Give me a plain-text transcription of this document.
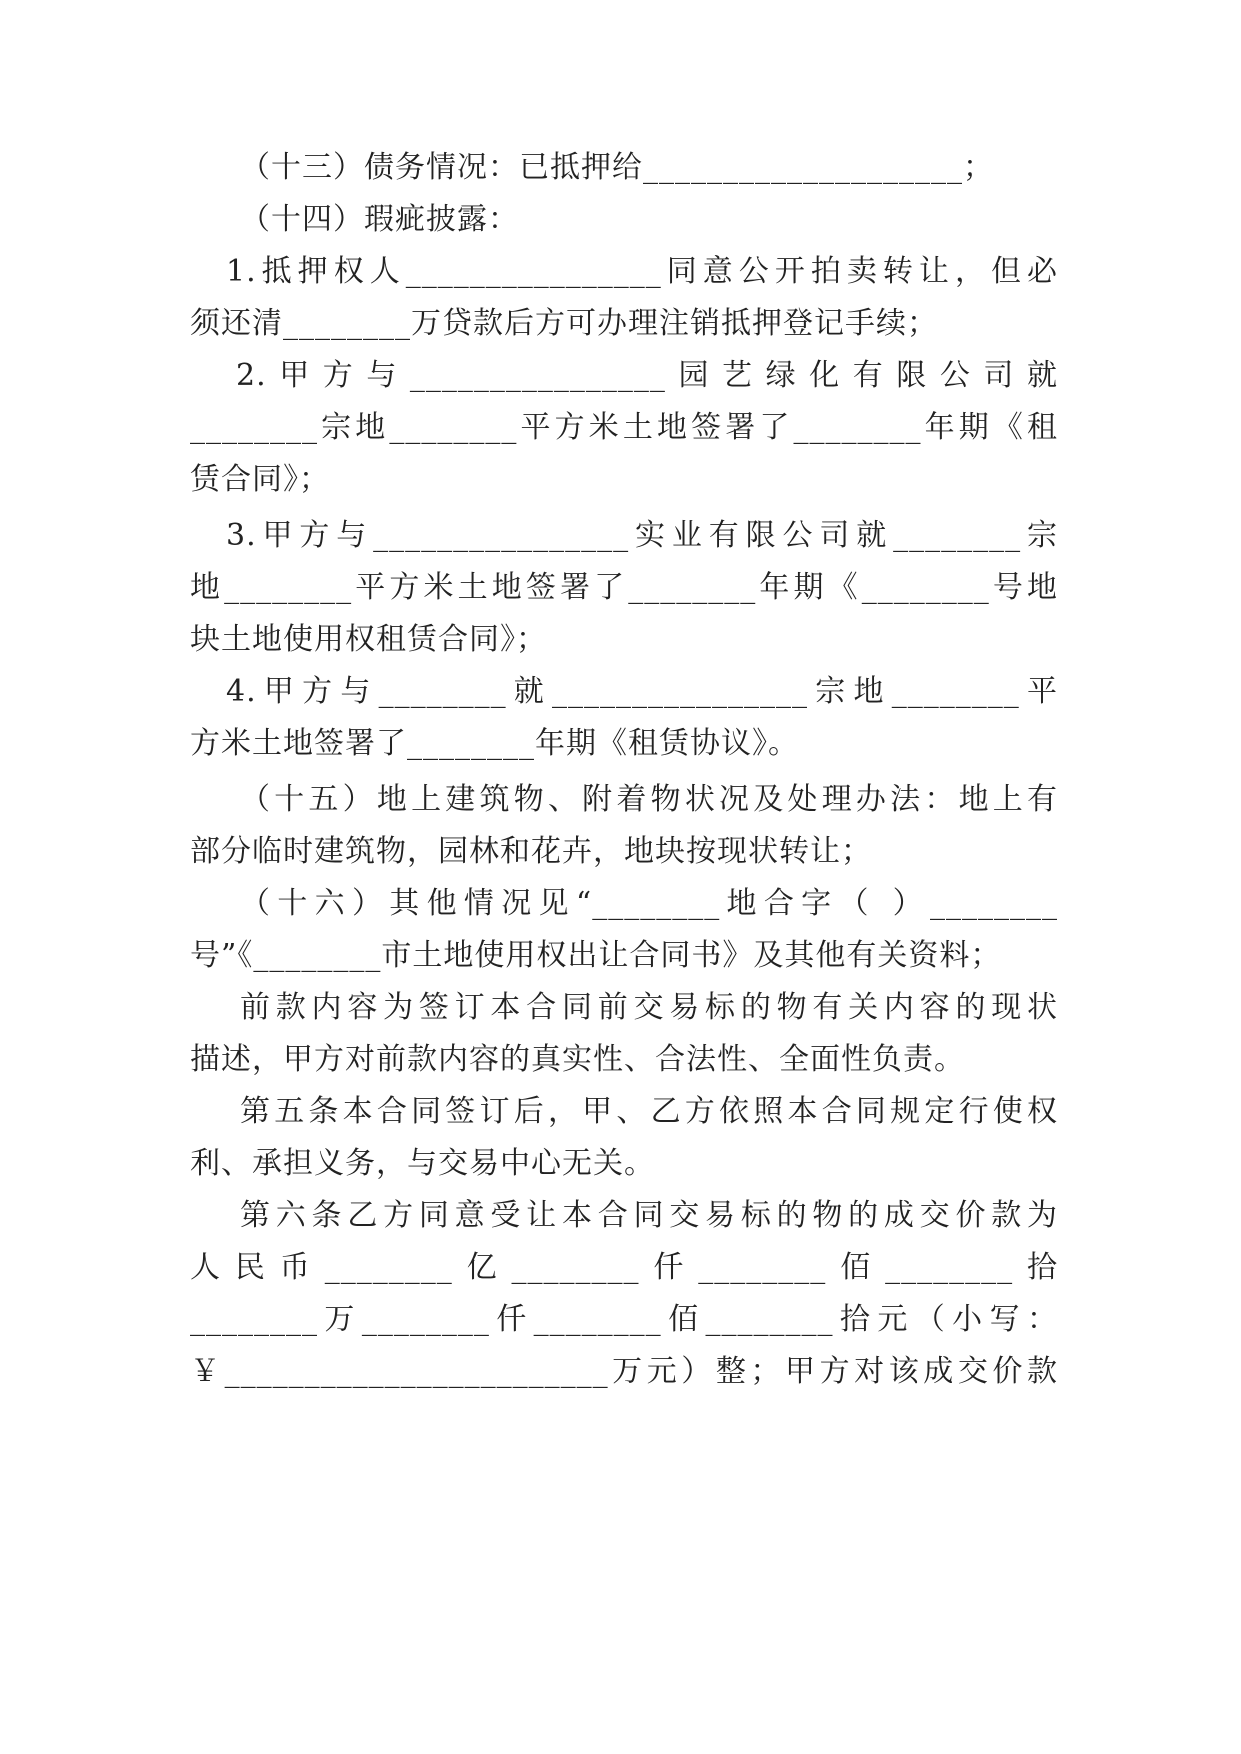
（十三）债务情况：已抵押给____________________；
（十四）瑕疵披露：
1.抵押权人________________同意公开拍卖转让，但必
须还清________万贷款后方可办理注销抵押登记手续；
2.甲方与________________园艺绿化有限公司就
________宗地________平方米土地签署了________年期《租
赁合同》；
3.甲方与________________实业有限公司就________宗
地________平方米土地签署了________年期《________号地
块土地使用权租赁合同》；
4.甲方与________就________________宗地________平
方米土地签署了________年期《租赁协议》。
（十五）地上建筑物、附着物状况及处理办法：地上有
部分临时建筑物，园林和花卉，地块按现状转让；
（十六）其他情况见“________地合字（ ）________
号”《________市土地使用权出让合同书》及其他有关资料；
前款内容为签订本合同前交易标的物有关内容的现状
描述，甲方对前款内容的真实性、合法性、全面性负责。
第五条本合同签订后，甲、乙方依照本合同规定行使权
利、承担义务，与交易中心无关。
第六条乙方同意受让本合同交易标的物的成交价款为
人民币________亿________仟________佰________拾
________万________仟________佰________拾元（小写：
￥________________________万元）整；甲方对该成交价款
